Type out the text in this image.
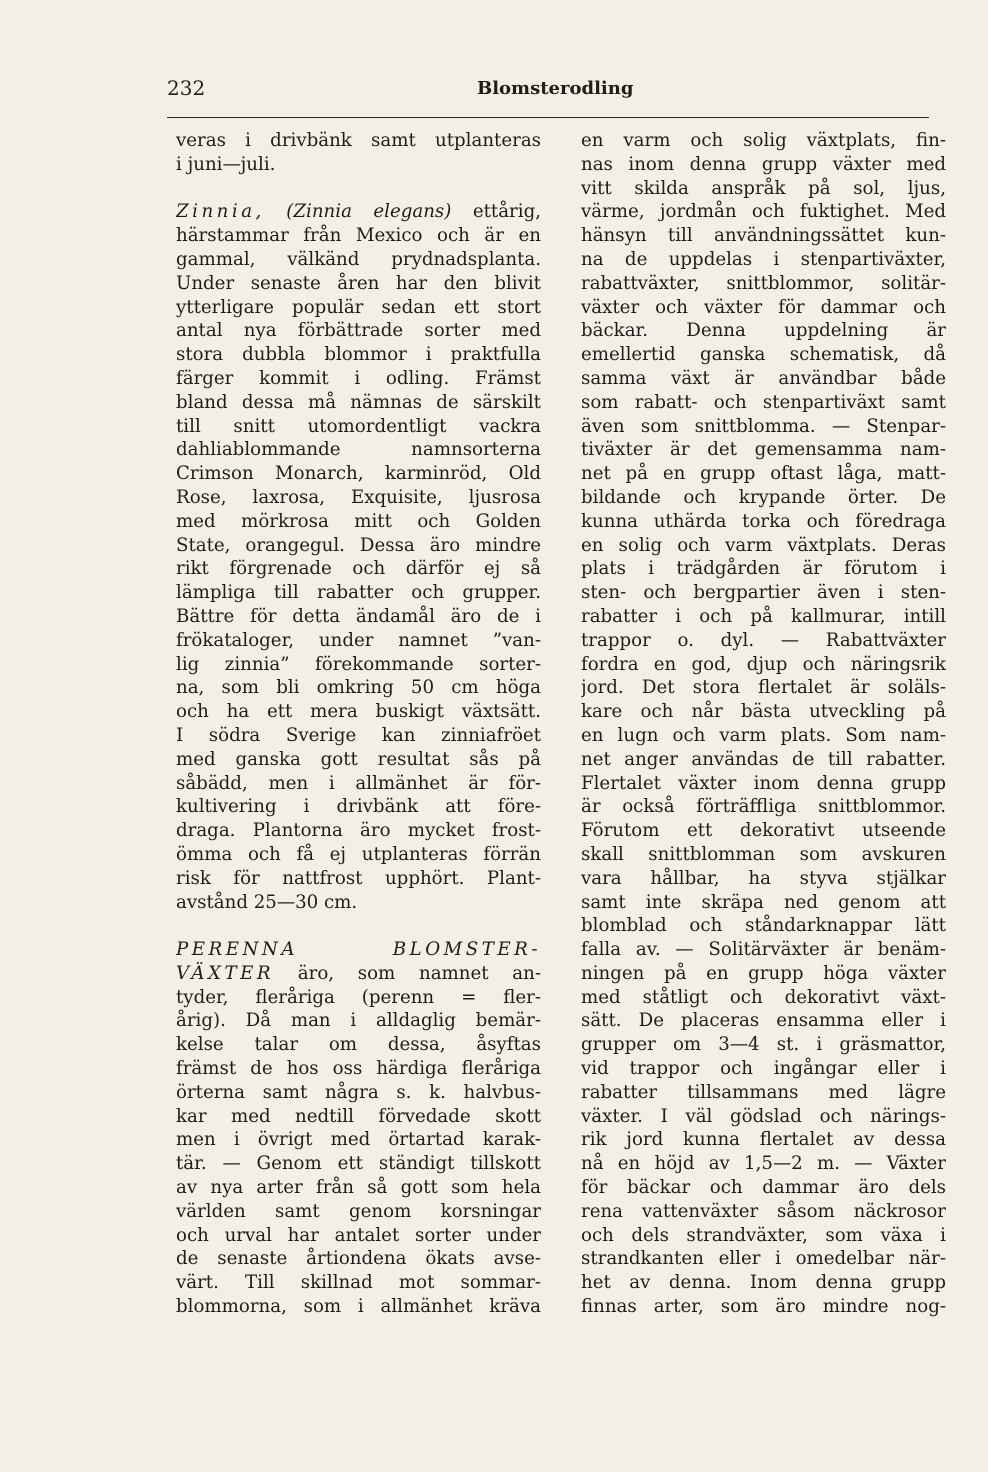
232	Blomsterodling
veras i drivbänk samt utplanteras
i juni—juli.
Zinnia, (Zinnia elegans) ettårig,
härstammar från Mexico och är en
gammal, välkänd prydnadsplanta.
Under senaste åren har den blivit
ytterligare populär sedan ett stort
antal nya förbättrade sorter med
stora dubbla blommor i praktfulla
färger kommit i odling. Främst
bland dessa må nämnas de särskilt
till snitt utomordentligt vackra
dahliablommande namnsorterna
Crimson Monarch, karminröd, Old
Rose, laxrosa, Exquisite, ljusrosa
med mörkrosa mitt och Golden
State, orangegul. Dessa äro mindre
rikt förgrenade och därför ej så
lämpliga till rabatter och grupper.
Bättre för detta ändamål äro de i
frökataloger, under namnet ”van-
lig zinnia” förekommande sorter-
na, som bli omkring 50 cm höga
och ha ett mera buskigt växtsätt.
I södra Sverige kan zinniafröet
med ganska gott resultat sås på
såbädd, men i allmänhet är för-
kultivering i drivbänk att före-
draga. Plantorna äro mycket frost-
ömma och få ej utplanteras förrän
risk för nattfrost upphört. Plant-
avstånd 25—30 cm.
PERENNA BLOMSTER-
VÄXTER äro, som namnet an-
tyder, fleråriga (perenn = fler-
årig). Då man i alldaglig bemär-
kelse talar om dessa, åsyftas
främst de hos oss härdiga fleråriga
örterna samt några s. k. halvbus-
kar med nedtill förvedade skott
men i övrigt med örtartad karak-
tär. — Genom ett ständigt tillskott
av nya arter från så gott som hela
världen samt genom korsningar
och urval har antalet sorter under
de senaste årtiondena ökats avse-
värt. Till skillnad mot sommar-
blommorna, som i allmänhet kräva
en varm och solig växtplats, fin-
nas inom denna grupp växter med
vitt skilda anspråk på sol, ljus,
värme, jordmån och fuktighet. Med
hänsyn till användningssättet kun-
na de uppdelas i stenpartiväxter,
rabattväxter, snittblommor, solitär-
växter och växter för dammar och
bäckar. Denna uppdelning är
emellertid ganska schematisk, då
samma växt är användbar både
som rabatt- och stenpartiväxt samt
även som snittblomma. — Stenpar-
tiväxter är det gemensamma nam-
net på en grupp oftast låga, matt-
bildande och krypande örter. De
kunna uthärda torka och föredraga
en solig och varm växtplats. Deras
plats i trädgården är förutom i
sten- och bergpartier även i sten-
rabatter i och på kallmurar, intill
trappor o. dyl. — Rabattväxter
fordra en god, djup och näringsrik
jord. Det stora flertalet är soläls-
kare och når bästa utveckling på
en lugn och varm plats. Som nam-
net anger användas de till rabatter.
Flertalet växter inom denna grupp
är också förträffliga snittblommor.
Förutom ett dekorativt utseende
skall snittblomman som avskuren
vara hållbar, ha styva stjälkar
samt inte skräpa ned genom att
blomblad och ståndarknappar lätt
falla av. — Solitärväxter är benäm-
ningen på en grupp höga växter
med ståtligt och dekorativt växt-
sätt. De placeras ensamma eller i
grupper om 3—4 st. i gräsmattor,
vid trappor och ingångar eller i
rabatter tillsammans med lägre
växter. I väl gödslad och närings-
rik jord kunna flertalet av dessa
nå en höjd av 1,5—2 m. — Växter
för bäckar och dammar äro dels
rena vattenväxter såsom näckrosor
och dels strandväxter, som växa i
strandkanten eller i omedelbar när-
het av denna. Inom denna grupp
finnas arter, som äro mindre nog-
